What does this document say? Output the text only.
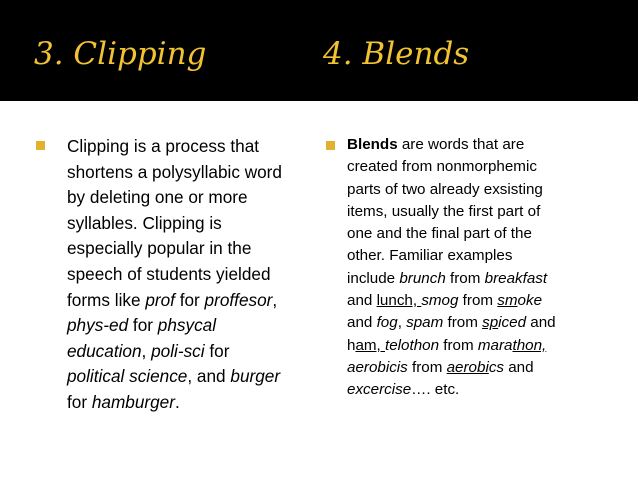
3. Clipping	4. Blends
Clipping is a process that
shortens a polysyllabic word
by deleting one or more
syllables. Clipping is
especially popular in the
speech of students yielded
forms like prof for proffesor,
phys-ed for phsycal
education, poli-sci for
political science, and burger
for hamburger.
Blends are words that are
created from nonmorphemic
parts of two already exsisting
items, usually the first part of
one and the final part of the
other. Familiar examples
include brunch from breakfast
and lunch, smog from smoke
and fog, spam from spiced and
ham, telothon from marathon,
aerobicis from aerobics and
excercise…. etc.
